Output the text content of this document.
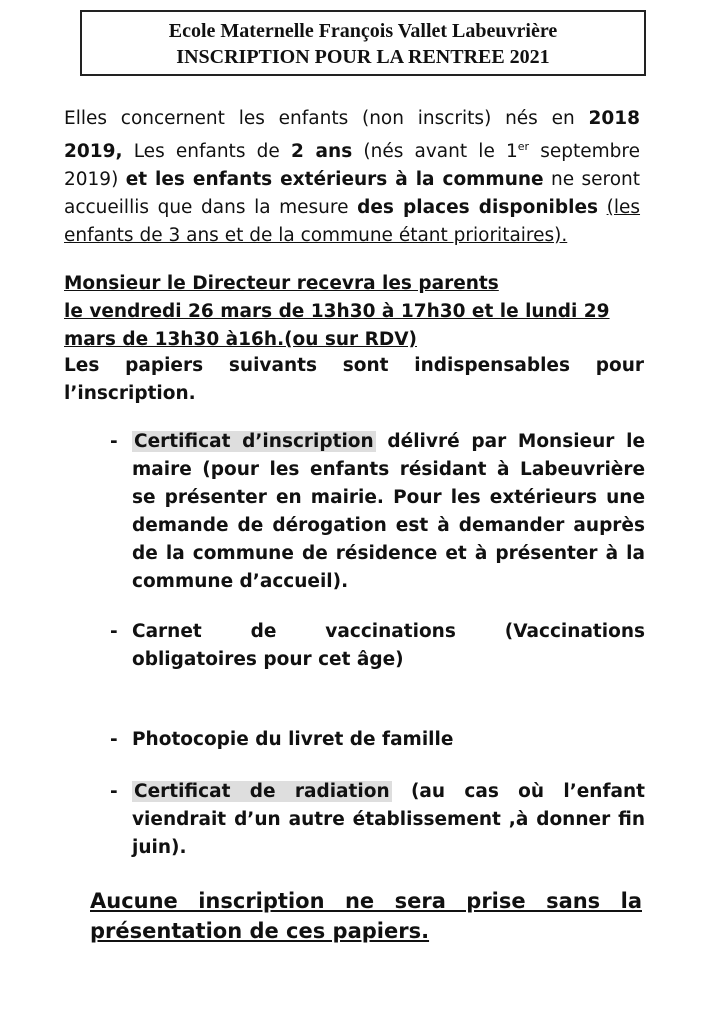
Ecole Maternelle François Vallet Labeuvrière
INSCRIPTION POUR LA RENTREE 2021
Elles concernent les enfants (non inscrits) nés en 2018 2019, Les enfants de 2 ans (nés avant le 1er septembre 2019) et les enfants extérieurs à la commune ne seront accueillis que dans la mesure des places disponibles (les enfants de 3 ans et de la commune étant prioritaires).
Monsieur le Directeur recevra les parents
le vendredi 26 mars de 13h30 à 17h30 et le lundi 29 mars de 13h30 à16h.(ou sur RDV)
Les papiers suivants sont indispensables pour l’inscription.
- Certificat d’inscription délivré par Monsieur le maire (pour les enfants résidant à Labeuvrière se présenter en mairie. Pour les extérieurs une demande de dérogation est à demander auprès de la commune de résidence et à présenter à la commune d’accueil).
- Carnet de vaccinations (Vaccinations obligatoires pour cet âge)
- Photocopie du livret de famille
- Certificat de radiation (au cas où l’enfant viendrait d’un autre établissement ,à donner fin juin).
Aucune inscription ne sera prise sans la présentation de ces papiers.
